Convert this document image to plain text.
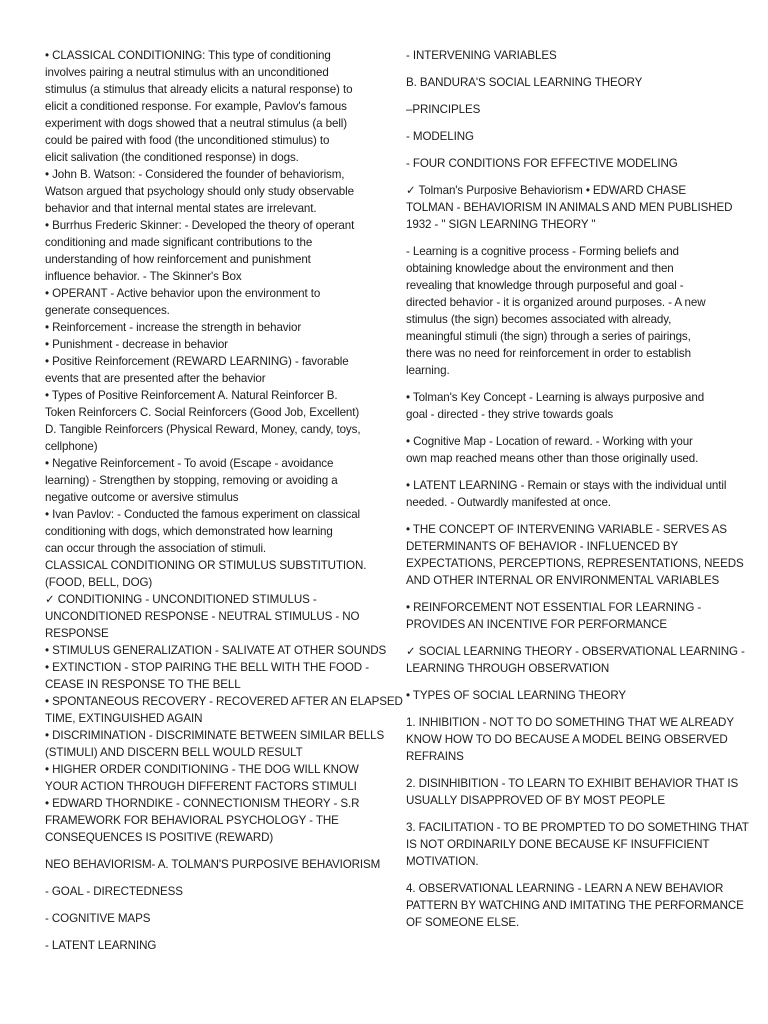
• CLASSICAL CONDITIONING: This type of conditioning
involves pairing a neutral stimulus with an unconditioned
stimulus (a stimulus that already elicits a natural response) to
elicit a conditioned response. For example, Pavlov's famous
experiment with dogs showed that a neutral stimulus (a bell)
could be paired with food (the unconditioned stimulus) to
elicit salivation (the conditioned response) in dogs.
• John B. Watson: - Considered the founder of behaviorism,
Watson argued that psychology should only study observable
behavior and that internal mental states are irrelevant.
• Burrhus Frederic Skinner: - Developed the theory of operant
conditioning and made significant contributions to the
understanding of how reinforcement and punishment
influence behavior. - The Skinner's Box
• OPERANT - Active behavior upon the environment to
generate consequences.
• Reinforcement - increase the strength in behavior
• Punishment - decrease in behavior
• Positive Reinforcement (REWARD LEARNING) - favorable
events that are presented after the behavior
• Types of Positive Reinforcement A. Natural Reinforcer B.
Token Reinforcers C. Social Reinforcers (Good Job, Excellent)
D. Tangible Reinforcers (Physical Reward, Money, candy, toys,
cellphone)
• Negative Reinforcement - To avoid (Escape - avoidance
learning) - Strengthen by stopping, removing or avoiding a
negative outcome or aversive stimulus
• Ivan Pavlov: - Conducted the famous experiment on classical
conditioning with dogs, which demonstrated how learning
can occur through the association of stimuli.
CLASSICAL CONDITIONING OR STIMULUS SUBSTITUTION.
(FOOD, BELL, DOG)
✓ CONDITIONING - UNCONDITIONED STIMULUS -
UNCONDITIONED RESPONSE - NEUTRAL STIMULUS - NO
RESPONSE
• STIMULUS GENERALIZATION - SALIVATE AT OTHER SOUNDS
• EXTINCTION - STOP PAIRING THE BELL WITH THE FOOD -
CEASE IN RESPONSE TO THE BELL
• SPONTANEOUS RECOVERY - RECOVERED AFTER AN ELAPSED
TIME, EXTINGUISHED AGAIN
• DISCRIMINATION - DISCRIMINATE BETWEEN SIMILAR BELLS
(STIMULI) AND DISCERN BELL WOULD RESULT
• HIGHER ORDER CONDITIONING - THE DOG WILL KNOW
YOUR ACTION THROUGH DIFFERENT FACTORS STIMULI
• EDWARD THORNDIKE - CONNECTIONISM THEORY - S.R
FRAMEWORK FOR BEHAVIORAL PSYCHOLOGY - THE
CONSEQUENCES IS POSITIVE (REWARD)
NEO BEHAVIORISM- A. TOLMAN'S PURPOSIVE BEHAVIORISM
- GOAL - DIRECTEDNESS
- COGNITIVE MAPS
- LATENT LEARNING
- INTERVENING VARIABLES
B. BANDURA'S SOCIAL LEARNING THEORY
–PRINCIPLES
- MODELING
- FOUR CONDITIONS FOR EFFECTIVE MODELING
✓ Tolman's Purposive Behaviorism • EDWARD CHASE
TOLMAN - BEHAVIORISM IN ANIMALS AND MEN PUBLISHED
1932 - " SIGN LEARNING THEORY "
- Learning is a cognitive process - Forming beliefs and
obtaining knowledge about the environment and then
revealing that knowledge through purposeful and goal -
directed behavior - it is organized around purposes. - A new
stimulus (the sign) becomes associated with already,
meaningful stimuli (the sign) through a series of pairings,
there was no need for reinforcement in order to establish
learning.
• Tolman's Key Concept - Learning is always purposive and
goal - directed - they strive towards goals
• Cognitive Map - Location of reward. - Working with your
own map reached means other than those originally used.
• LATENT LEARNING - Remain or stays with the individual until
needed. - Outwardly manifested at once.
• THE CONCEPT OF INTERVENING VARIABLE - SERVES AS
DETERMINANTS OF BEHAVIOR - INFLUENCED BY
EXPECTATIONS, PERCEPTIONS, REPRESENTATIONS, NEEDS
AND OTHER INTERNAL OR ENVIRONMENTAL VARIABLES
• REINFORCEMENT NOT ESSENTIAL FOR LEARNING -
PROVIDES AN INCENTIVE FOR PERFORMANCE
✓ SOCIAL LEARNING THEORY - OBSERVATIONAL LEARNING -
LEARNING THROUGH OBSERVATION
• TYPES OF SOCIAL LEARNING THEORY
1. INHIBITION - NOT TO DO SOMETHING THAT WE ALREADY
KNOW HOW TO DO BECAUSE A MODEL BEING OBSERVED
REFRAINS
2. DISINHIBITION - TO LEARN TO EXHIBIT BEHAVIOR THAT IS
USUALLY DISAPPROVED OF BY MOST PEOPLE
3. FACILITATION - TO BE PROMPTED TO DO SOMETHING THAT
IS NOT ORDINARILY DONE BECAUSE KF INSUFFICIENT
MOTIVATION.
4. OBSERVATIONAL LEARNING - LEARN A NEW BEHAVIOR
PATTERN BY WATCHING AND IMITATING THE PERFORMANCE
OF SOMEONE ELSE.
